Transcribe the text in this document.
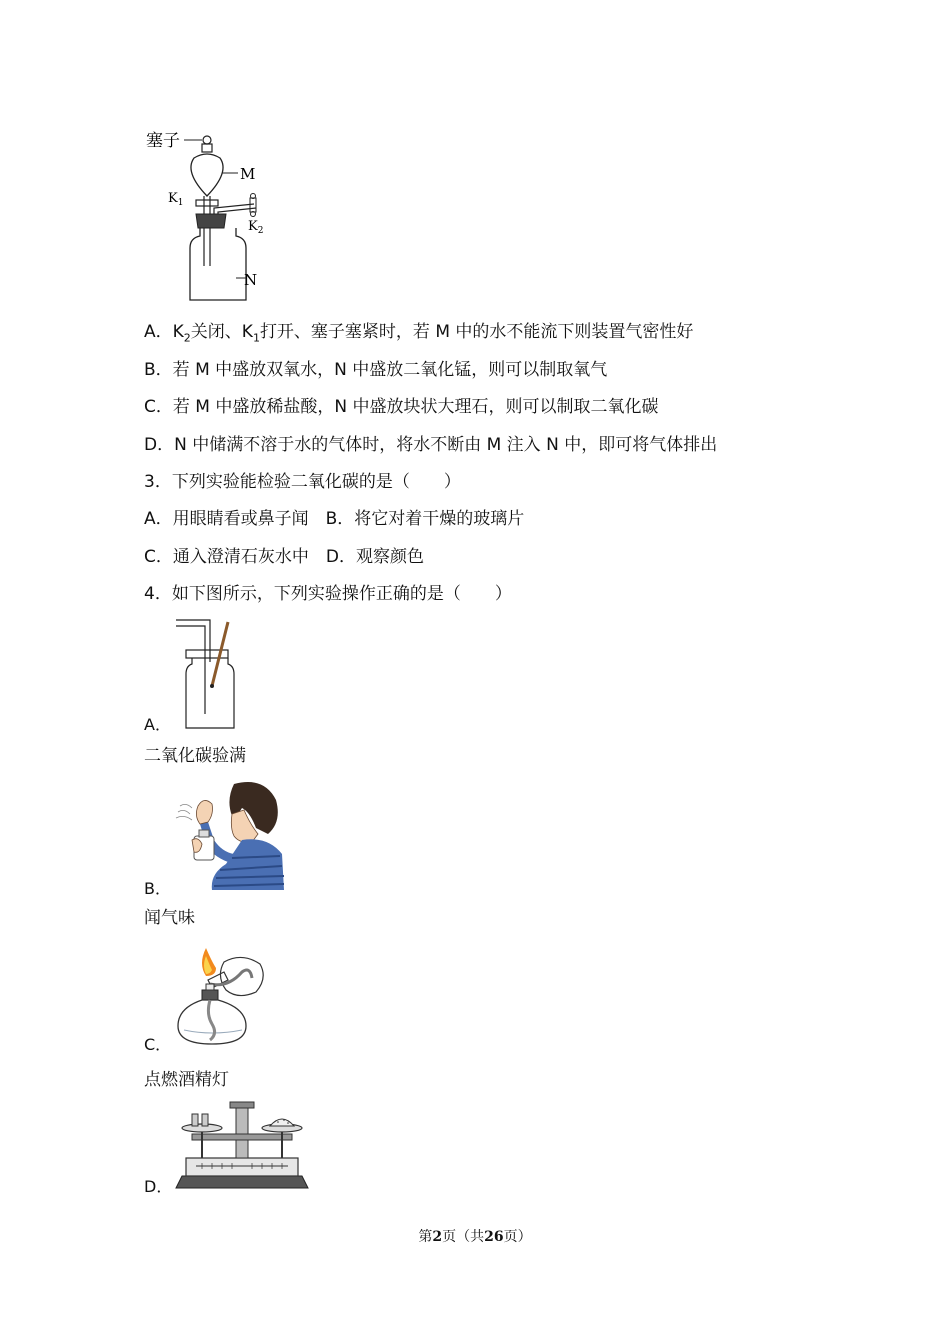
塞子
M
$K_1$
$K_2$
N
A．$K_2$关闭、$K_1$打开、塞子塞紧时，若 M 中的水不能流下则装置气密性好
B．若 M 中盛放双氧水，N 中盛放二氧化锰，则可以制取氧气
C．若 M 中盛放稀盐酸，N 中盛放块状大理石，则可以制取二氧化碳
D．N 中储满不溶于水的气体时，将水不断由 M 注入 N 中，即可将气体排出
3．下列实验能检验二氧化碳的是（　　）
A．用眼睛看或鼻子闻　B．将它对着干燥的玻璃片
C．通入澄清石灰水中　D．观察颜色
4．如下图所示，下列实验操作正确的是（　　）
A．
二氧化碳验满
B．
闻气味
C．
点燃酒精灯
D．
第2页（共26页）
